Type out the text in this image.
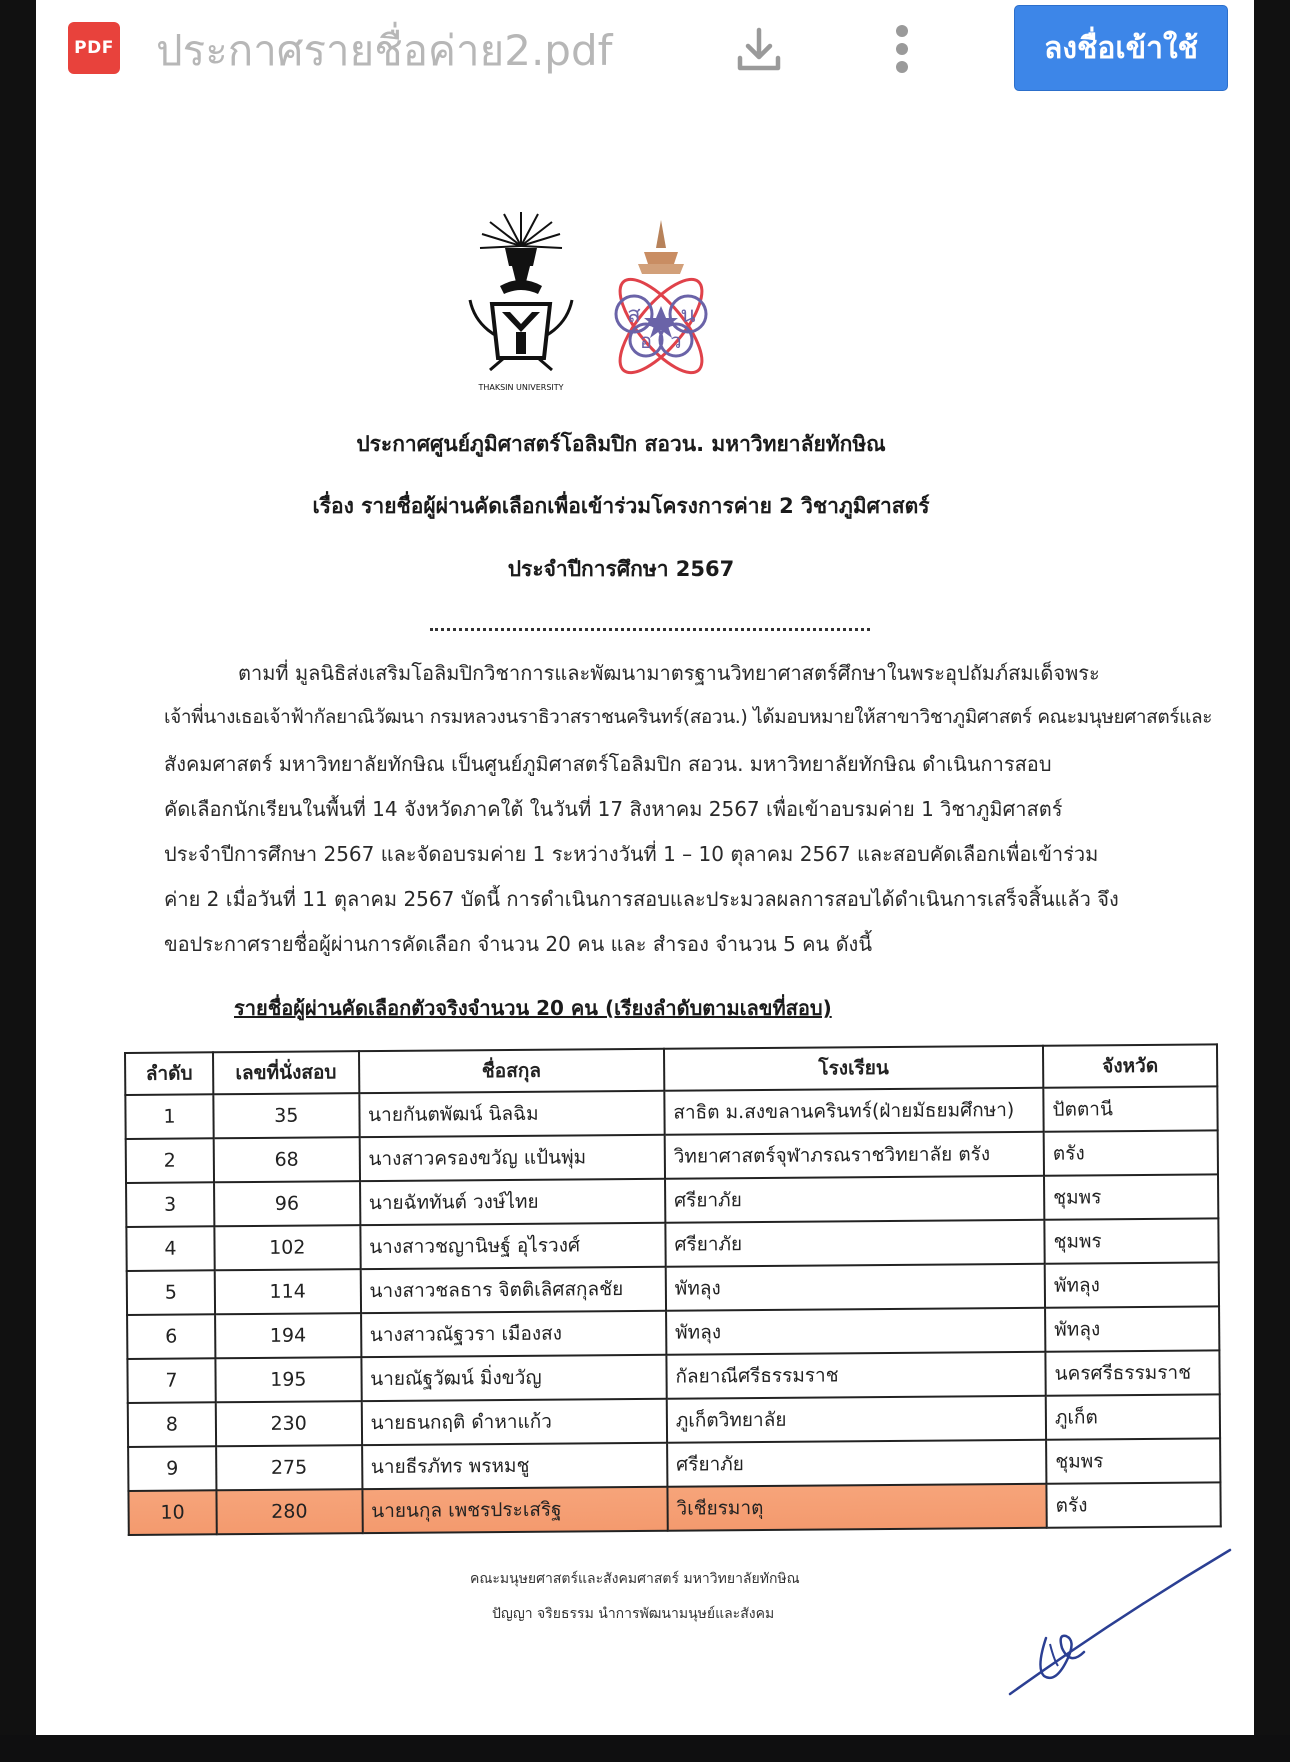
PDF ประกาศรายชื่อค่าย2.pdf	ลงชื่อเข้าใช้
THAKSIN UNIVERSITY
ส น
อ ว
ประกาศศูนย์ภูมิศาสตร์โอลิมปิก สอวน. มหาวิทยาลัยทักษิณ
เรื่อง รายชื่อผู้ผ่านคัดเลือกเพื่อเข้าร่วมโครงการค่าย 2 วิชาภูมิศาสตร์
ประจำปีการศึกษา 2567
ตามที่ มูลนิธิส่งเสริมโอลิมปิกวิชาการและพัฒนามาตรฐานวิทยาศาสตร์ศึกษาในพระอุปถัมภ์สมเด็จพระ
เจ้าพี่นางเธอเจ้าฟ้ากัลยาณิวัฒนา กรมหลวงนราธิวาสราชนครินทร์(สอวน.) ได้มอบหมายให้สาขาวิชาภูมิศาสตร์ คณะมนุษยศาสตร์และ
สังคมศาสตร์ มหาวิทยาลัยทักษิณ เป็นศูนย์ภูมิศาสตร์โอลิมปิก สอวน. มหาวิทยาลัยทักษิณ ดำเนินการสอบ
คัดเลือกนักเรียนในพื้นที่ 14 จังหวัดภาคใต้ ในวันที่ 17 สิงหาคม 2567 เพื่อเข้าอบรมค่าย 1 วิชาภูมิศาสตร์
ประจำปีการศึกษา 2567 และจัดอบรมค่าย 1 ระหว่างวันที่ 1 – 10 ตุลาคม 2567 และสอบคัดเลือกเพื่อเข้าร่วม
ค่าย 2 เมื่อวันที่ 11 ตุลาคม 2567 บัดนี้ การดำเนินการสอบและประมวลผลการสอบได้ดำเนินการเสร็จสิ้นแล้ว จึง
ขอประกาศรายชื่อผู้ผ่านการคัดเลือก จำนวน 20 คน และ สำรอง จำนวน 5 คน ดังนี้
รายชื่อผู้ผ่านคัดเลือกตัวจริงจำนวน 20 คน (เรียงลำดับตามเลขที่สอบ)
ลำดับ	เลขที่นั่งสอบ	ชื่อสกุล	โรงเรียน	จังหวัด
1	35	นายกันตพัฒน์ นิลฉิม	สาธิต ม.สงขลานครินทร์(ฝ่ายมัธยมศึกษา)	ปัตตานี
2	68	นางสาวครองขวัญ แป้นพุ่ม	วิทยาศาสตร์จุฬาภรณราชวิทยาลัย ตรัง	ตรัง
3	96	นายฉัททันต์ วงษ์ไทย	ศรียาภัย	ชุมพร
4	102	นางสาวชญานิษฐ์ อุไรวงศ์	ศรียาภัย	ชุมพร
5	114	นางสาวชลธาร จิตติเลิศสกุลชัย	พัทลุง	พัทลุง
6	194	นางสาวณัฐวรา เมืองสง	พัทลุง	พัทลุง
7	195	นายณัฐวัฒน์ มิ่งขวัญ	กัลยาณีศรีธรรมราช	นครศรีธรรมราช
8	230	นายธนกฤติ ดำหาแก้ว	ภูเก็ตวิทยาลัย	ภูเก็ต
9	275	นายธีรภัทร พรหมชู	ศรียาภัย	ชุมพร
10	280	นายนกุล เพชรประเสริฐ	วิเชียรมาตุ	ตรัง
คณะมนุษยศาสตร์และสังคมศาสตร์ มหาวิทยาลัยทักษิณ
ปัญญา จริยธรรม นำการพัฒนามนุษย์และสังคม
